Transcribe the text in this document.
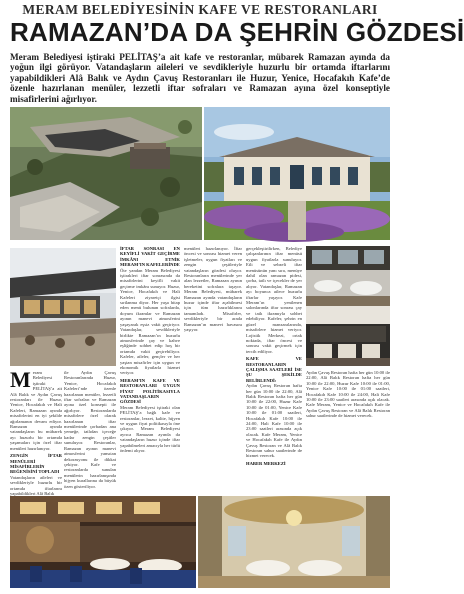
MERAM BELEDİYESİNİN KAFE VE RESTORANLARI
RAMAZAN’DA DA ŞEHRİN GÖZDESİ
Meram Belediyesi iştiraki PELİTAŞ’a ait kafe ve restoranlar, mübarek Ramazan ayında da yoğun ilgi görüyor. Vatandaşların aileleri ve sevdikleriyle huzurlu bir ortamda iftarlarını yapabildikleri Alâ Balık ve Aydın Çavuş Restoranları ile Huzur, Yenice, Hocafakıh Kafe’de özenle hazırlanan menüler, lezzetli iftar sofraları ve Ramazan ayına özel konseptiyle misafirlerini ağırlıyor.
İFTAR SONRASI EN KEYİFLİ VAKİT GEÇİRME İMKÂNI ETNİK MERAM’IN KAFELERİNDE
Öte yandan Meram Belediyesi iştirakleri iftar sonrasında da misafirlerini keyifli vakit geçirme imkânı sunuyor. Huzur, Yenice, Hocafakıh ve Hali Kafeleri ziyaretçi ilgisi sırtlanma diyor. Her yaşa hitap eden menü bulunan sofralarda, doyum ikramlar ve Ramazan ayının manevi atmosferini yaşayarak eşsiz vakit geçiriyor. Vatandaşlar, sevdikleriyle birlikte Ramazan’ın huzurlu atmosferinde çay ve kahve eşliğinde sohbet edip hoş bir ortamda vakit geçirebiliyor. Kafeler, aileler, gençler ve her yaştan misafirler için uygun ve ekonomik fiyatlarla hizmet veriyor.
MERAM’IN KAFE VE RESTORANLARI UYGUN FİYAT POLİTİKASIYLA VATANDAŞLARIN GÖZDESİ
Meram Belediyesi iştiraki olan PELİTAŞ’a bağlı kafe ve restoranlar, lezzet, kalite, hijyen ve uygun fiyat politikasıyla öne çıkıyor. Meram Belediyesi ayrıca Ramazan ayında da vatandaşların huzur içinde iftar yapabilmeleri amacıyla her türlü önlemi alıyor.
menüleri hazırlanıyor. İftar öncesi ve sonrası hizmet veren işletmeler, uygun fiyatları ve zengin çeşitleriyle vatandaşların gözdesi oluyor. Restoranların menülerinde yer alan lezzetler, Ramazan ayının bereketini sofralara taşıyor. Meram Belediyesi, mübarek Ramazan ayında vatandaşların huzur içinde iftar açabilmesi için tüm hazırlıklarını tamamladı. Misafirler, sevdikleriyle bir arada Ramazan’ın manevi havasını yaşıyor.
gerçekleştirilirken, Belediye çalışanlarının iftar menüsü uygun fiyatlarla sunuluyor. Etli ve sebzeli iftar menüsünün yanı sıra, menüye dahil olan ramazan pidesi, çorba, tatlı ve içecekler de yer alıyor. Vatandaşlar, Ramazan ayı boyunca ailece huzurlu iftarlar yaşıyor. Kafe Meram’ın yenilenen salonlarında iftar sonrası çay ve tatlı ikramıyla sohbet edebiliyor. Kafeler, şehrin en güzel manzaralarında, misafirlere hizmet veriyor. Lojistik Merkezi, ortak noktada, iftar öncesi ve sonrası vakit geçirmek için tercih ediliyor.
KAFE VE RESTORANLARIN ÇALIŞMA SAATLERİ İSE ŞU ŞEKİLDE BELİRLENDİ:
Aydın Çavuş Restoran hafta her gün 10:00 ile 22:00, Alâ Balık Restoran hafta her gün 10:00 ile 22:00, Huzur Kafe 10:00 ile 01:00, Yenice Kafe 10:00 ile 01:00 saatleri, Hocafakıh Kafe 10:00 ile 24:00, Hali Kafe 10:00 ile 23:00 saatleri arasında açık olacak. Kafe Meram, Yenice ve Hocafakıh Kafe ile Aydın Çavuş Restoran ve Alâ Balık Restoran sahur saatlerinde de hizmet verecek.
HABER MERKEZİ
Aydın Çavuş Restoran hafta her gün 10:00 ile 22:00, Alâ Balık Restoran hafta her gün 10:00 ile 22:00, Huzur Kafe 10:00 ile 01:00, Yenice Kafe 10:00 ile 01:00 saatleri, Hocafakıh Kafe 10:00 ile 24:00, Hali Kafe 10:00 ile 23:00 saatleri arasında açık olacak. Kafe Meram, Yenice ve Hocafakıh Kafe ile Aydın Çavuş Restoran ve Alâ Balık Restoran sahur saatlerinde de hizmet verecek.
M eram Belediyesi iştiraki PELİTAŞ’a ait Alâ Balık ve Aydın Çavuş restoranları ile Huzur, Yenice, Hocafakıh ve Hali Kafeleri, Ramazan ayında misafirlerini en iyi şekilde ağırlamanın devam ediyor. Ramazan ayında vatandaşların bu mübarek ayı huzurlu bir ortamda yaşamaları için özel iftar menüleri hazırlanıyor.
ZENGİN İFTAR MENÜLERİ MİSAFİRLERİN BEĞENİSİNİ TOPLADI
Vatandaşların aileleri ve sevdikleriyle huzurlu bir ortamda iftarlarını yapabildikleri Alâ Balık
ile Aydın Çavuş Restoranlarında Huzur, Yenice, Hocafakıh Kafeleri’nde özenle hazırlanan menüler, lezzetli iftar sofraları ve Ramazan ayına özel konsepti ile ağırlıyor. Restoranlarda misafirlere özel olarak hazırlanan iftar menülerinde çorbadan ana yemeğe, tatlıdan içeceğe kadar zengin çeşitler sunuluyor. Restoranlar, Ramazan ayının manevi atmosferini yansıtan dekorasyonu ile dikkat çekiyor. Kafe ve restoranlarda sunulan menülerin hazırlanışında hijyen kurallarına da büyük özen gösteriliyor.
